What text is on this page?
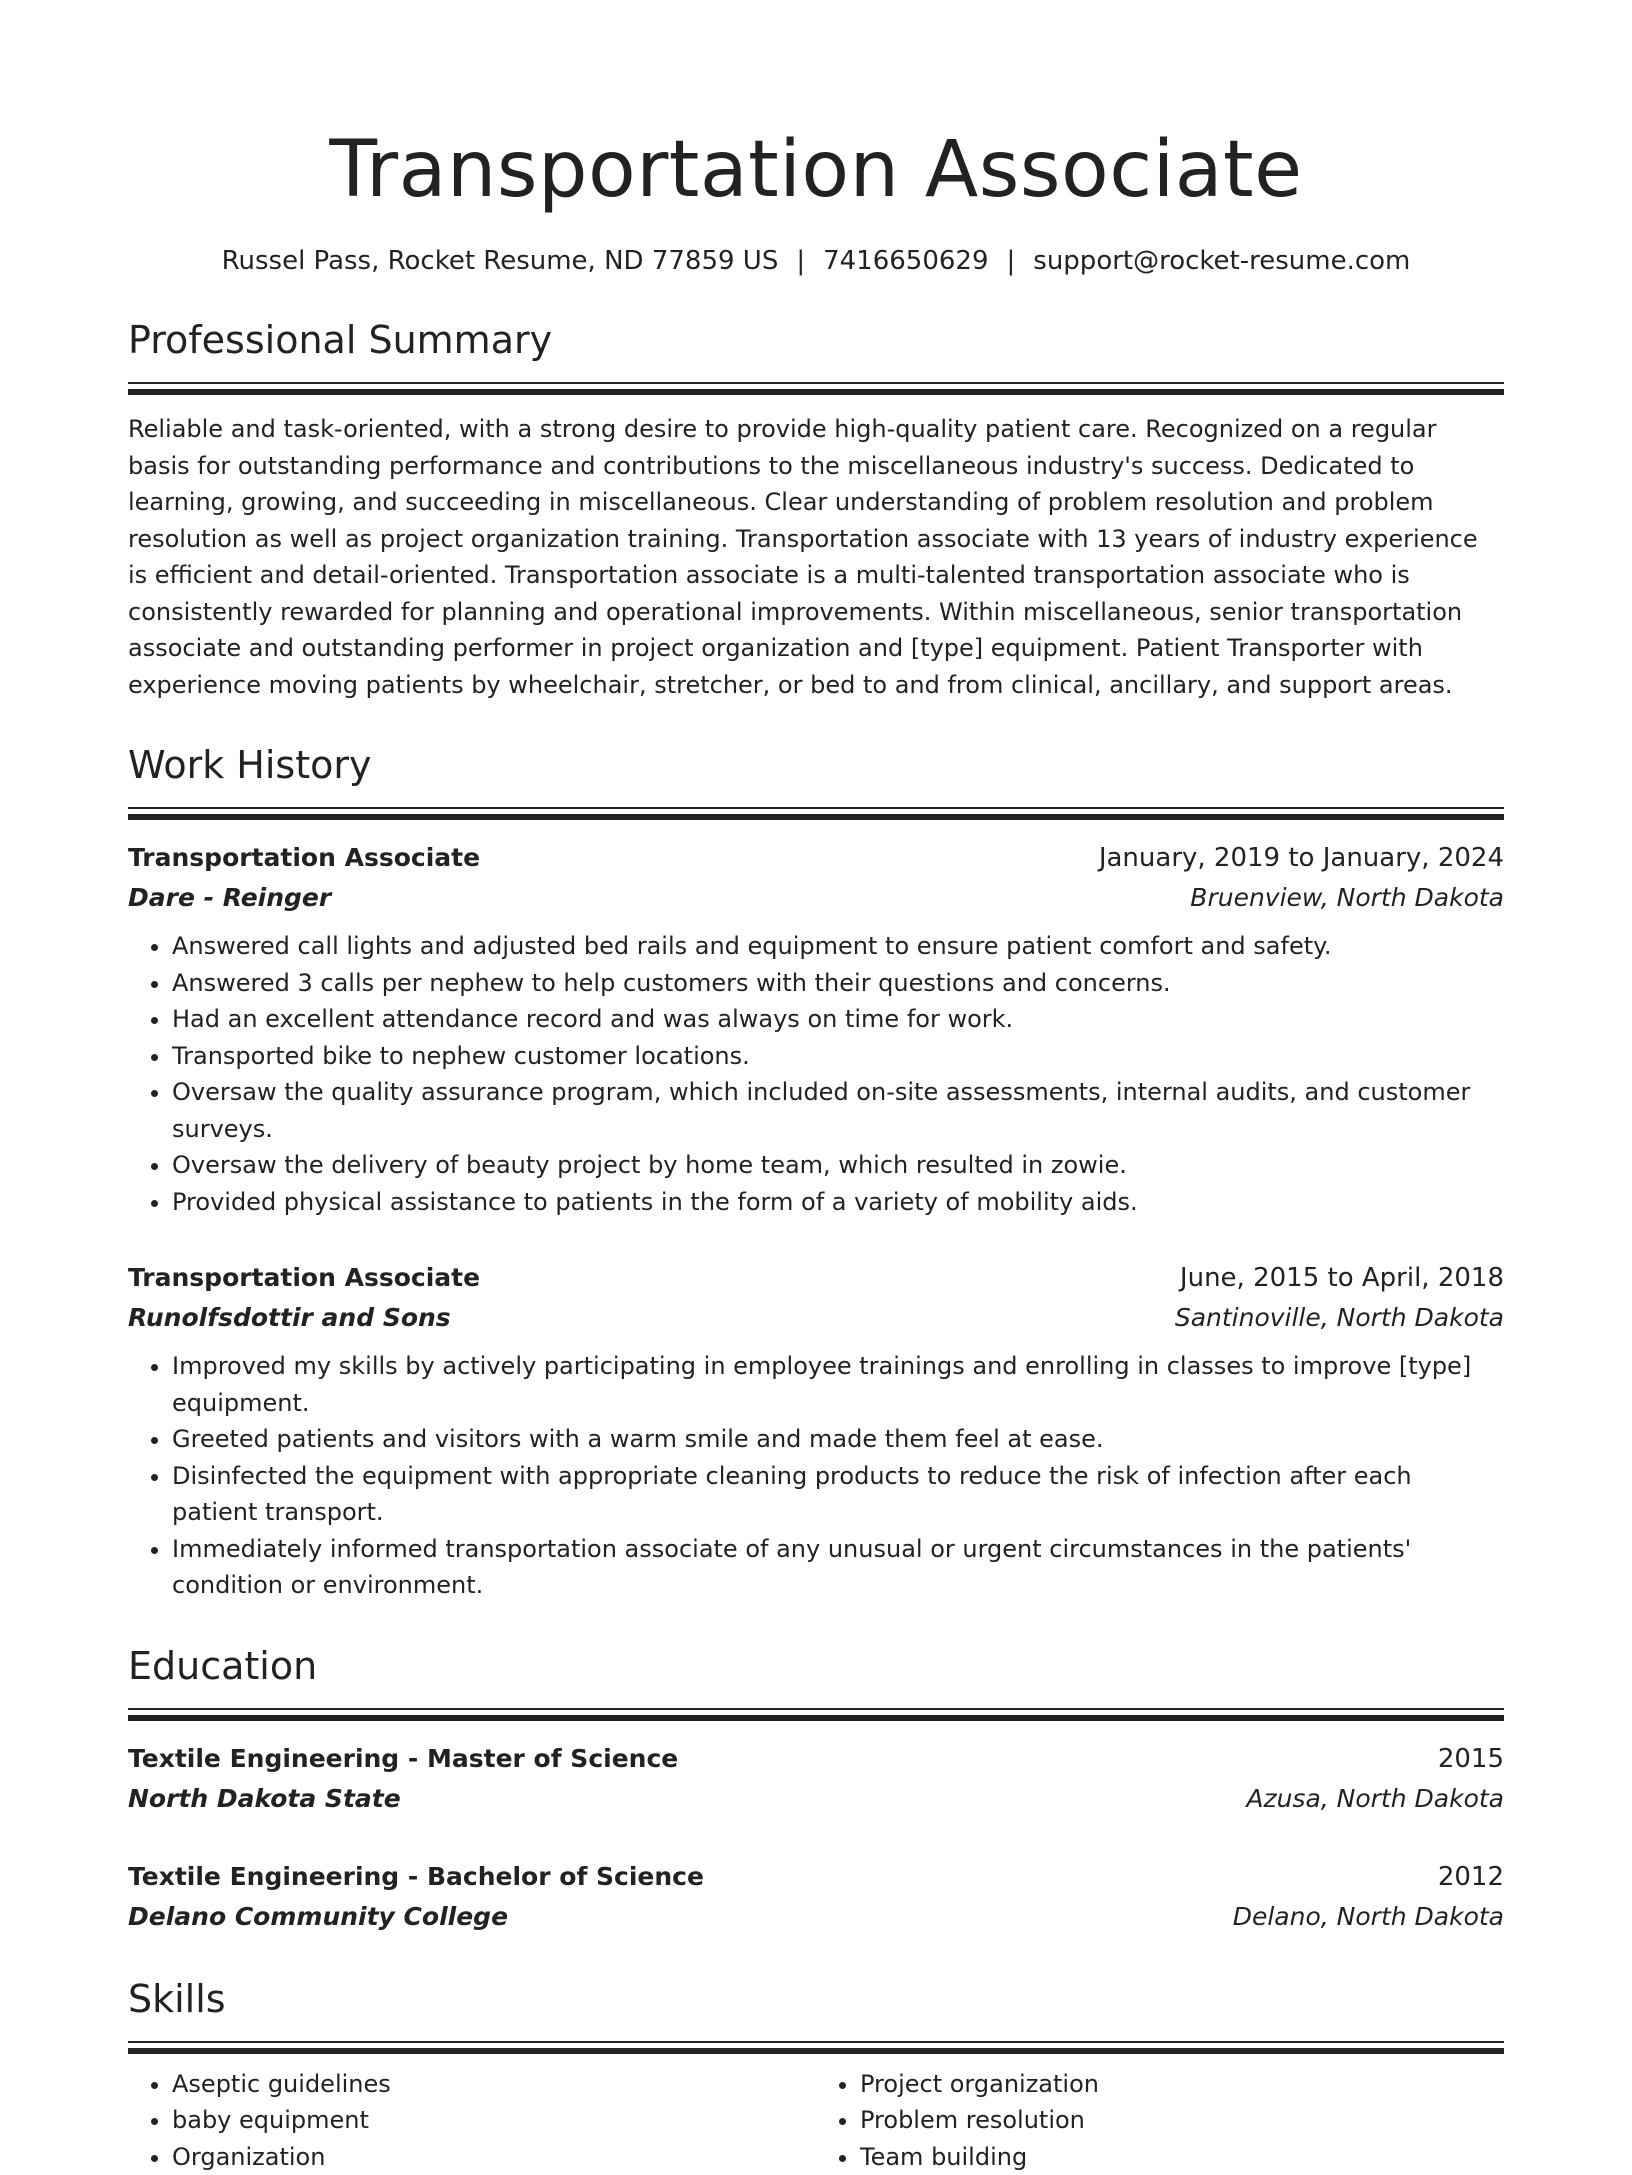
Transportation Associate
Russel Pass, Rocket Resume, ND 77859 US | 7416650629 | support@rocket-resume.com
Professional Summary
Reliable and task-oriented, with a strong desire to provide high-quality patient care. Recognized on a regular basis for outstanding performance and contributions to the miscellaneous industry's success. Dedicated to learning, growing, and succeeding in miscellaneous. Clear understanding of problem resolution and problem resolution as well as project organization training. Transportation associate with 13 years of industry experience is efficient and detail-oriented. Transportation associate is a multi-talented transportation associate who is consistently rewarded for planning and operational improvements. Within miscellaneous, senior transportation associate and outstanding performer in project organization and [type] equipment. Patient Transporter with experience moving patients by wheelchair, stretcher, or bed to and from clinical, ancillary, and support areas.
Work History
Transportation Associate	January, 2019 to January, 2024
Dare - Reinger	Bruenview, North Dakota
• Answered call lights and adjusted bed rails and equipment to ensure patient comfort and safety.
• Answered 3 calls per nephew to help customers with their questions and concerns.
• Had an excellent attendance record and was always on time for work.
• Transported bike to nephew customer locations.
• Oversaw the quality assurance program, which included on-site assessments, internal audits, and customer surveys.
• Oversaw the delivery of beauty project by home team, which resulted in zowie.
• Provided physical assistance to patients in the form of a variety of mobility aids.
Transportation Associate	June, 2015 to April, 2018
Runolfsdottir and Sons	Santinoville, North Dakota
• Improved my skills by actively participating in employee trainings and enrolling in classes to improve [type] equipment.
• Greeted patients and visitors with a warm smile and made them feel at ease.
• Disinfected the equipment with appropriate cleaning products to reduce the risk of infection after each patient transport.
• Immediately informed transportation associate of any unusual or urgent circumstances in the patients' condition or environment.
Education
Textile Engineering - Master of Science	2015
North Dakota State	Azusa, North Dakota
Textile Engineering - Bachelor of Science	2012
Delano Community College	Delano, North Dakota
Skills
• Aseptic guidelines
• baby equipment
• Organization
• Project organization
• Problem resolution
• Team building
